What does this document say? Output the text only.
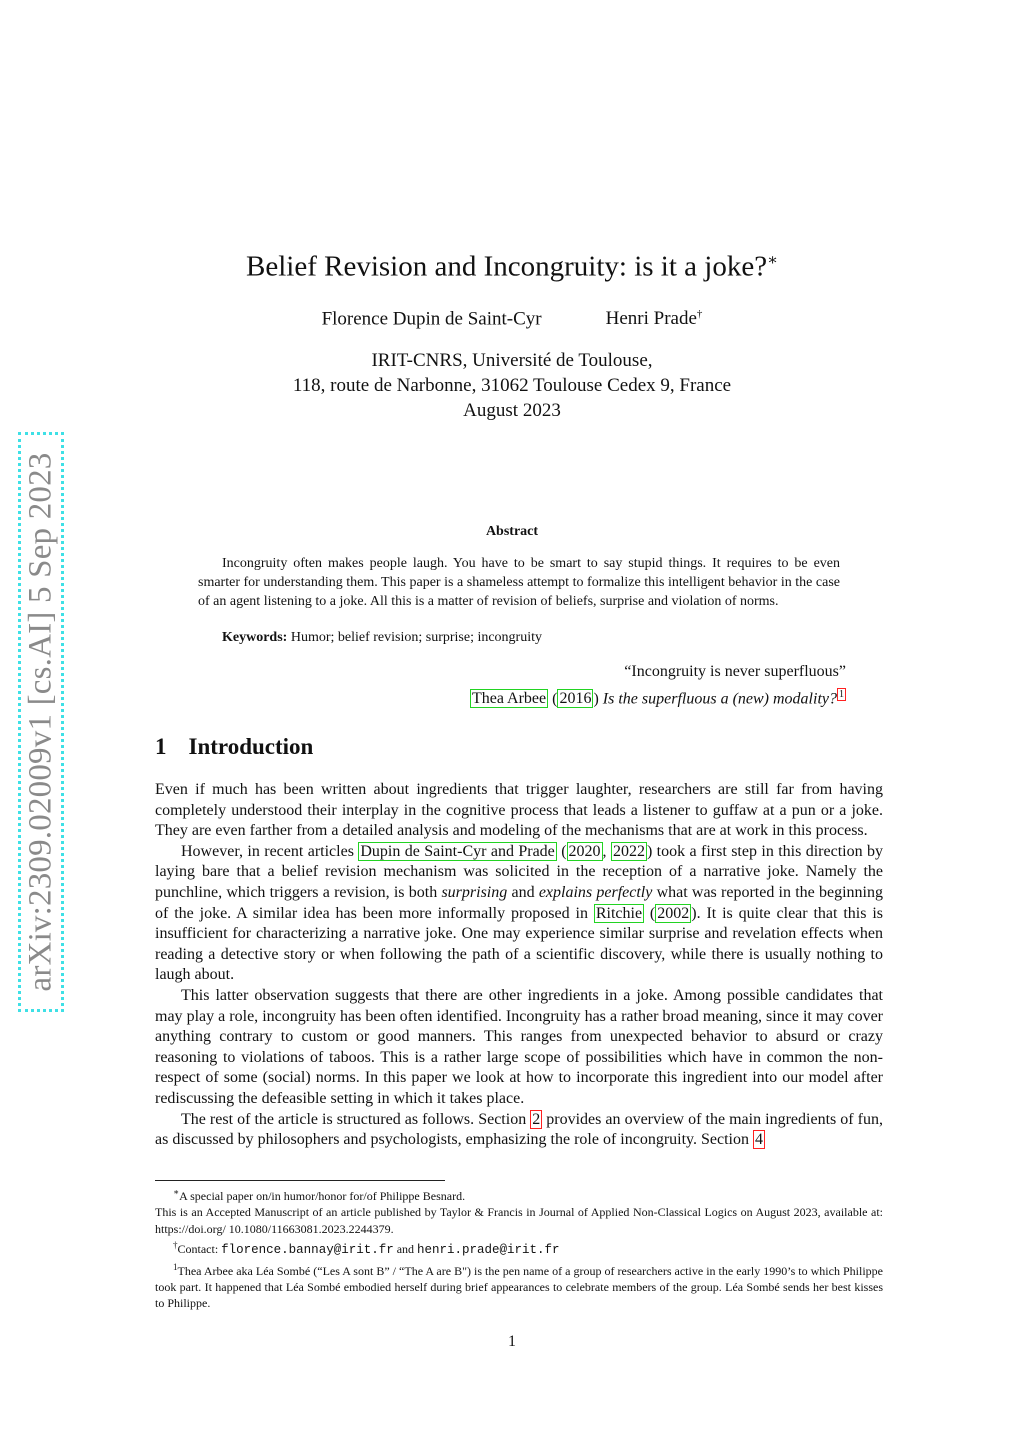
arXiv:2309.02009v1 [cs.AI] 5 Sep 2023
Belief Revision and Incongruity: is it a joke?∗
Florence Dupin de Saint-Cyr	Henri Prade†
IRIT-CNRS, Université de Toulouse,
118, route de Narbonne, 31062 Toulouse Cedex 9, France
August 2023
Abstract

Incongruity often makes people laugh. You have to be smart to say stupid things. It requires to be even smarter for understanding them. This paper is a shameless attempt to formalize this intelligent behavior in the case of an agent listening to a joke. All this is a matter of revision of beliefs, surprise and violation of norms.

Keywords: Humor; belief revision; surprise; incongruity
“Incongruity is never superfluous”
Thea Arbee ( 2016 ) Is the superfluous a (new) modality? $^1$
1 Introduction

Even if much has been written about ingredients that trigger laughter, researchers are still far from having completely understood their interplay in the cognitive process that leads a listener to guffaw at a pun or a joke. They are even farther from a detailed analysis and modeling of the mechanisms that are at work in this process.

However, in recent articles Dupin de Saint-Cyr and Prade ( 2020 , 2022 ) took a first step in this direction by laying bare that a belief revision mechanism was solicited in the reception of a narrative joke. Namely the punchline, which triggers a revision, is both surprising and explains perfectly what was reported in the beginning of the joke. A similar idea has been more informally proposed in Ritchie ( 2002 ). It is quite clear that this is insufficient for characterizing a narrative joke. One may experience similar surprise and revelation effects when reading a detective story or when following the path of a scientific discovery, while there is usually nothing to laugh about.

This latter observation suggests that there are other ingredients in a joke. Among possible candidates that may play a role, incongruity has been often identified. Incongruity has a rather broad meaning, since it may cover anything contrary to custom or good manners. This ranges from unexpected behavior to absurd or crazy reasoning to violations of taboos. This is a rather large scope of possibilities which have in common the non-respect of some (social) norms. In this paper we look at how to incorporate this ingredient into our model after rediscussing the defeasible setting in which it takes place.

The rest of the article is structured as follows. Section 2 provides an overview of the main ingredients of fun, as discussed by philosophers and psychologists, emphasizing the role of incongruity. Section 4

∗A special paper on/in humor/honor for/of Philippe Besnard.

This is an Accepted Manuscript of an article published by Taylor & Francis in Journal of Applied Non-Classical Logics on August 2023, available at: https://doi.org/ 10.1080/11663081.2023.2244379.

†Contact: florence.bannay@irit.fr and henri.prade@irit.fr

$^1$Thea Arbee aka Léa Sombé (“Les A sont B” / “The A are B") is the pen name of a group of researchers active in the early 1990’s to which Philippe took part. It happened that Léa Sombé embodied herself during brief appearances to celebrate members of the group. Léa Sombé sends her best kisses to Philippe.

1
